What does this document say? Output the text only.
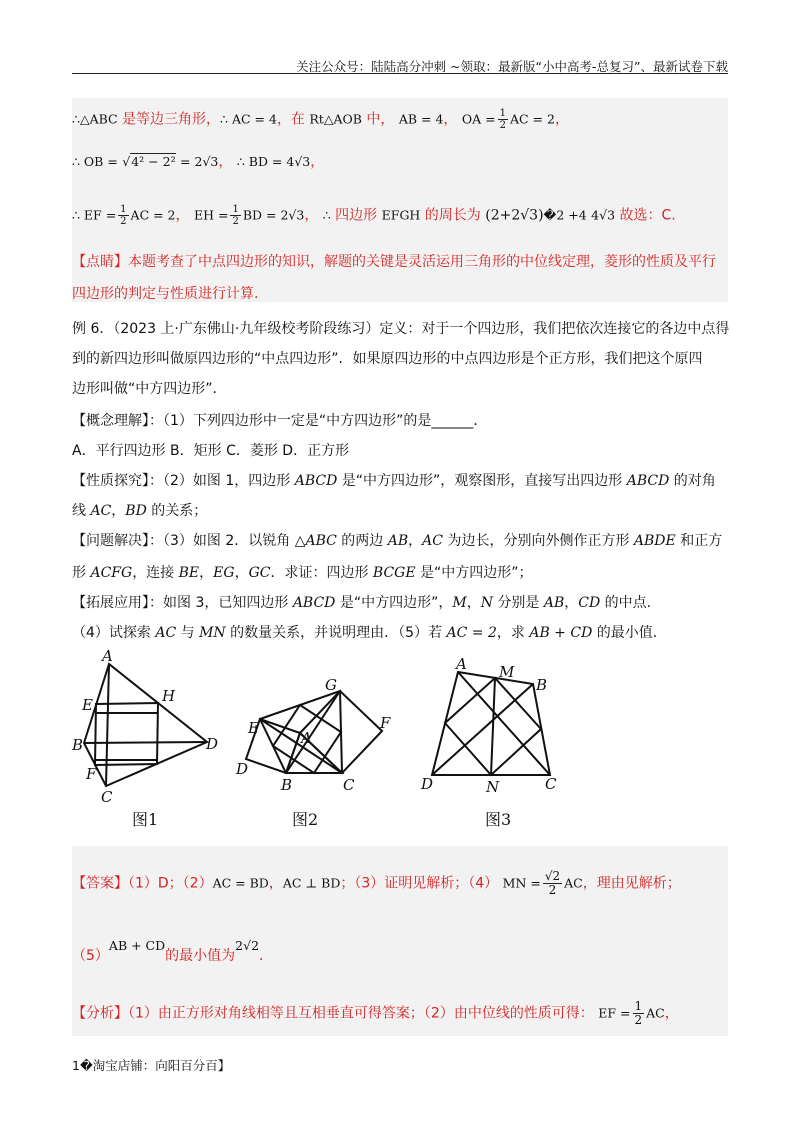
关注公众号：陆陆高分冲刺 ~领取：最新版“小中高考-总复习”、最新试卷下载
∴△ABC 是等边三角形，∴ AC = 4，在 Rt△AOB 中， AB = 4， OA = $\frac{1}{2}$ AC = 2，
∴ OB = √4² − 2² = 2√3， ∴ BD = 4√3，
∴ EF = $\frac{1}{2}$ AC = 2， EH = $\frac{1}{2}$ BD = 2√3， ∴ 四边形 EFGH 的周长为 (2+2√3)�2 +4 4√3 故选：C.
【点睛】本题考查了中点四边形的知识，解题的关键是灵活运用三角形的中位线定理，菱形的性质及平行
四边形的判定与性质进行计算.
例 6．（2023 上·广东佛山·九年级校考阶段练习）定义：对于一个四边形，我们把依次连接它的各边中点得
到的新四边形叫做原四边形的“中点四边形”．如果原四边形的中点四边形是个正方形，我们把这个原四
边形叫做“中方四边形”．
【概念理解】：（1）下列四边形中一定是“中方四边形”的是______．
A．平行四边形 B．矩形 C．菱形 D．正方形
【性质探究】：（2）如图 1，四边形 ABCD 是“中方四边形”，观察图形，直接写出四边形 ABCD 的对角
线 AC，BD 的关系；
【问题解决】：（3）如图 2．以锐角 △ABC 的两边 AB，AC 为边长，分别向外侧作正方形 ABDE 和正方
形 ACFG，连接 BE，EG，GC．求证：四边形 BCGE 是“中方四边形”；
【拓展应用】：如图 3，已知四边形 ABCD 是“中方四边形”，M，N 分别是 AB，CD 的中点.
（4）试探索 AC 与 MN 的数量关系，并说明理由．（5）若 AC = 2，求 AB + CD 的最小值.
A
H
E
B	D
F
C
G
F
E
A
D
B	C
A M
B
D	N	C
图1	图2	图3
【答案】（1）D；（2）AC = BD，AC ⊥ BD；（3）证明见解析；（4） MN = $\frac{√2}{2}$ AC，理由见解析；
（5）AB + CD的最小值为2√2．
【分析】（1）由正方形对角线相等且互相垂直可得答案；（2）由中位线的性质可得： EF = $\frac{1}{2}$ AC，
1�淘宝店铺：向阳百分百】
